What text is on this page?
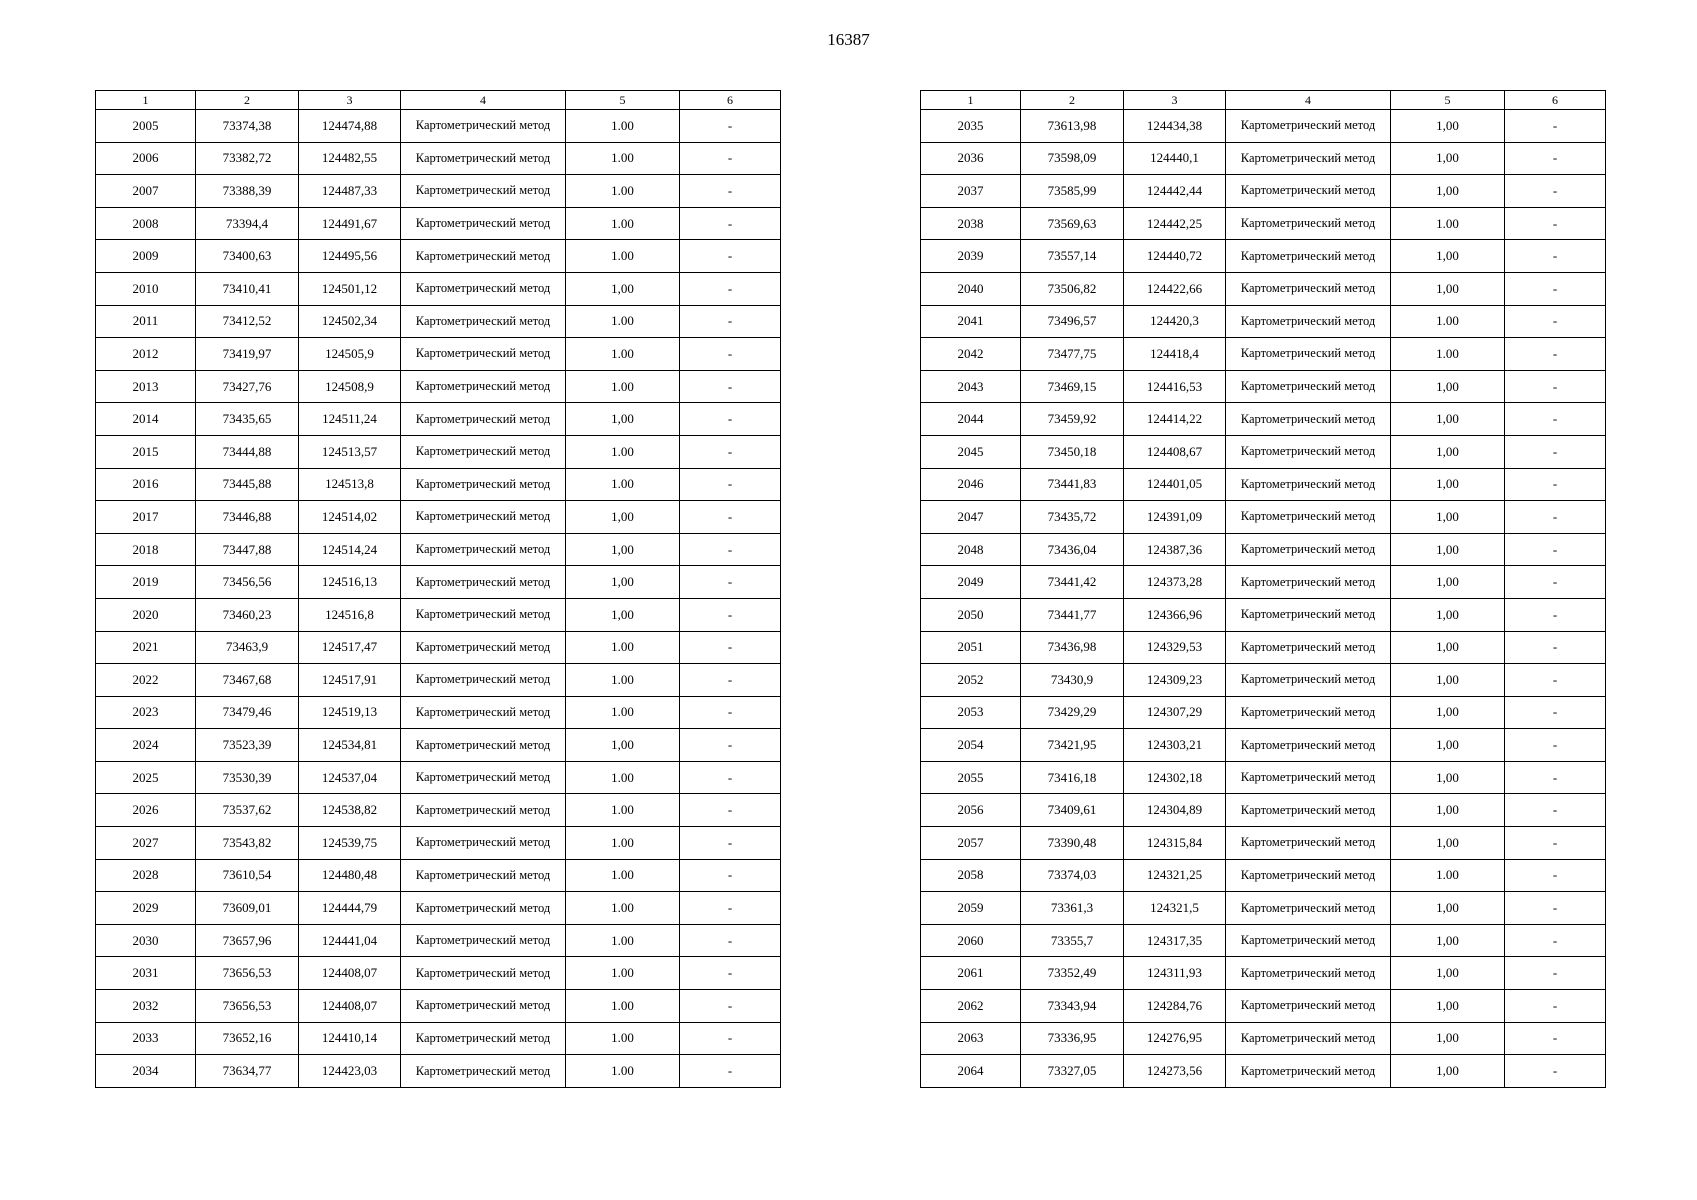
16387
1	2	3	4	5	6
2005	73374,38	124474,88	Картометрический метод	1.00	-
2006	73382,72	124482,55	Картометрический метод	1.00	-
2007	73388,39	124487,33	Картометрический метод	1.00	-
2008	73394,4	124491,67	Картометрический метод	1.00	-
2009	73400,63	124495,56	Картометрический метод	1.00	-
2010	73410,41	124501,12	Картометрический метод	1,00	-
2011	73412,52	124502,34	Картометрический метод	1.00	-
2012	73419,97	124505,9	Картометрический метод	1.00	-
2013	73427,76	124508,9	Картометрический метод	1.00	-
2014	73435,65	124511,24	Картометрический метод	1,00	-
2015	73444,88	124513,57	Картометрический метод	1.00	-
2016	73445,88	124513,8	Картометрический метод	1.00	-
2017	73446,88	124514,02	Картометрический метод	1,00	-
2018	73447,88	124514,24	Картометрический метод	1,00	-
2019	73456,56	124516,13	Картометрический метод	1,00	-
2020	73460,23	124516,8	Картометрический метод	1,00	-
2021	73463,9	124517,47	Картометрический метод	1.00	-
2022	73467,68	124517,91	Картометрический метод	1.00	-
2023	73479,46	124519,13	Картометрический метод	1.00	-
2024	73523,39	124534,81	Картометрический метод	1,00	-
2025	73530,39	124537,04	Картометрический метод	1.00	-
2026	73537,62	124538,82	Картометрический метод	1.00	-
2027	73543,82	124539,75	Картометрический метод	1.00	-
2028	73610,54	124480,48	Картометрический метод	1.00	-
2029	73609,01	124444,79	Картометрический метод	1.00	-
2030	73657,96	124441,04	Картометрический метод	1.00	-
2031	73656,53	124408,07	Картометрический метод	1.00	-
2032	73656,53	124408,07	Картометрический метод	1.00	-
2033	73652,16	124410,14	Картометрический метод	1.00	-
2034	73634,77	124423,03	Картометрический метод	1.00	-
1	2	3	4	5	6
2035	73613,98	124434,38	Картометрический метод	1,00	-
2036	73598,09	124440,1	Картометрический метод	1,00	-
2037	73585,99	124442,44	Картометрический метод	1,00	-
2038	73569,63	124442,25	Картометрический метод	1.00	-
2039	73557,14	124440,72	Картометрический метод	1,00	-
2040	73506,82	124422,66	Картометрический метод	1,00	-
2041	73496,57	124420,3	Картометрический метод	1.00	-
2042	73477,75	124418,4	Картометрический метод	1.00	-
2043	73469,15	124416,53	Картометрический метод	1,00	-
2044	73459,92	124414,22	Картометрический метод	1,00	-
2045	73450,18	124408,67	Картометрический метод	1,00	-
2046	73441,83	124401,05	Картометрический метод	1,00	-
2047	73435,72	124391,09	Картометрический метод	1,00	-
2048	73436,04	124387,36	Картометрический метод	1,00	-
2049	73441,42	124373,28	Картометрический метод	1,00	-
2050	73441,77	124366,96	Картометрический метод	1,00	-
2051	73436,98	124329,53	Картометрический метод	1,00	-
2052	73430,9	124309,23	Картометрический метод	1,00	-
2053	73429,29	124307,29	Картометрический метод	1,00	-
2054	73421,95	124303,21	Картометрический метод	1,00	-
2055	73416,18	124302,18	Картометрический метод	1,00	-
2056	73409,61	124304,89	Картометрический метод	1,00	-
2057	73390,48	124315,84	Картометрический метод	1,00	-
2058	73374,03	124321,25	Картометрический метод	1.00	-
2059	73361,3	124321,5	Картометрический метод	1,00	-
2060	73355,7	124317,35	Картометрический метод	1,00	-
2061	73352,49	124311,93	Картометрический метод	1,00	-
2062	73343,94	124284,76	Картометрический метод	1,00	-
2063	73336,95	124276,95	Картометрический метод	1,00	-
2064	73327,05	124273,56	Картометрический метод	1,00	-
